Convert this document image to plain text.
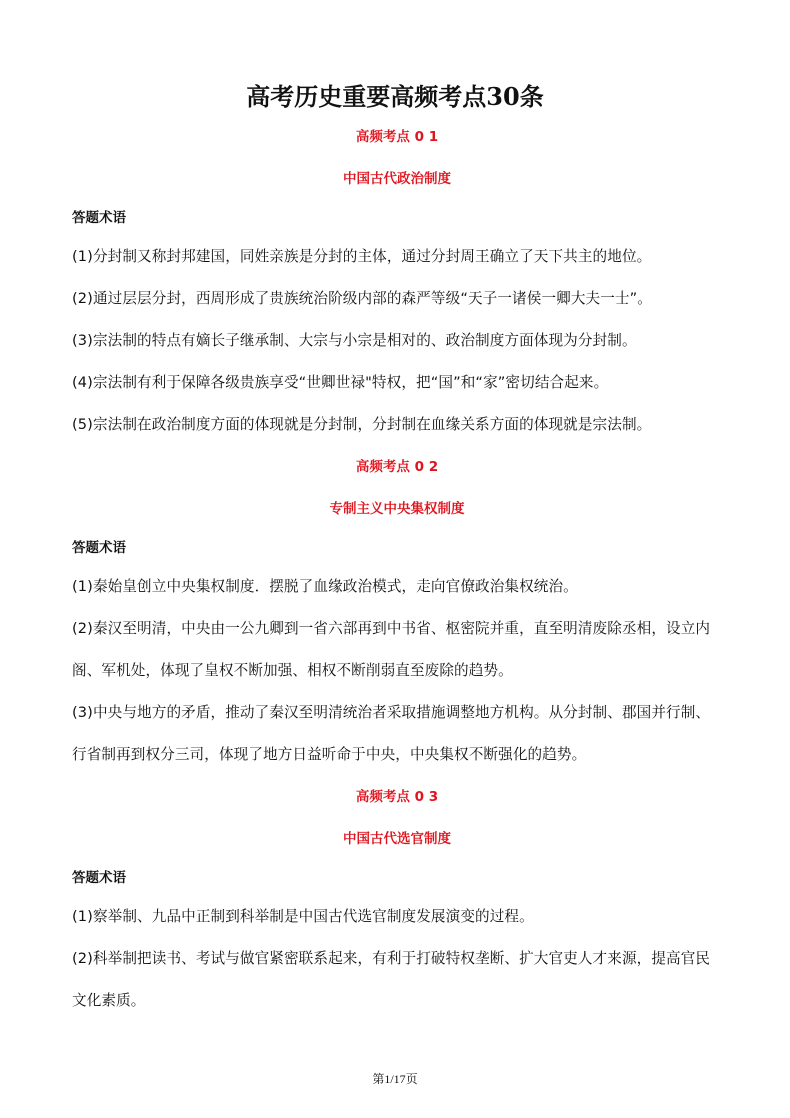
高考历史重要高频考点30条
高频考点 0 1
中国古代政治制度
答题术语
(1)分封制又称封邦建国，同姓亲族是分封的主体，通过分封周王确立了天下共主的地位。
(2)通过层层分封，西周形成了贵族统治阶级内部的森严等级“天子一诸侯一卿大夫一士”。
(3)宗法制的特点有嫡长子继承制、大宗与小宗是相对的、政治制度方面体现为分封制。
(4)宗法制有利于保障各级贵族享受“世卿世禄"特权，把“国”和“家”密切结合起来。
(5)宗法制在政治制度方面的体现就是分封制，分封制在血缘关系方面的体现就是宗法制。
高频考点 0 2
专制主义中央集权制度
答题术语
(1)秦始皇创立中央集权制度．摆脱了血缘政治模式，走向官僚政治集权统治。
(2)秦汉至明清，中央由一公九卿到一省六部再到中书省、枢密院并重，直至明清废除丞相，设立内阁、军机处，体现了皇权不断加强、相权不断削弱直至废除的趋势。
(3)中央与地方的矛盾，推动了秦汉至明清统治者采取措施调整地方机构。从分封制、郡国并行制、行省制再到权分三司，体现了地方日益听命于中央，中央集权不断强化的趋势。
高频考点 0 3
中国古代选官制度
答题术语
(1)察举制、九品中正制到科举制是中国古代选官制度发展演变的过程。
(2)科举制把读书、考试与做官紧密联系起来，有利于打破特权垄断、扩大官吏人才来源，提高官民文化素质。
第1/17页
